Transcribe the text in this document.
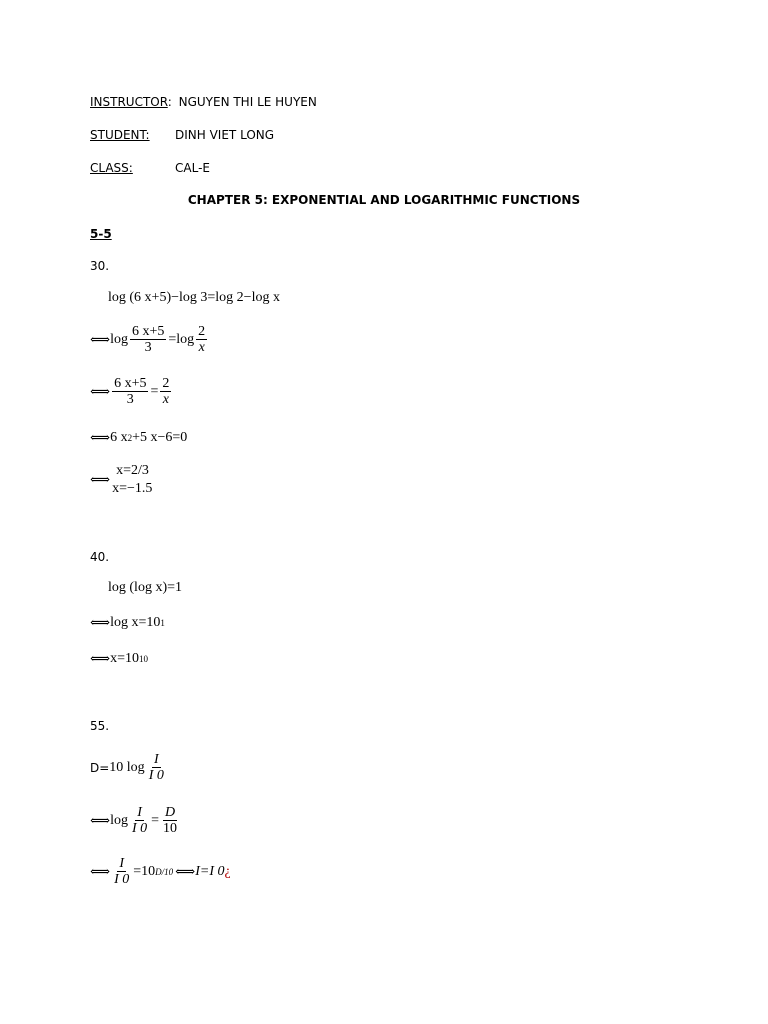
INSTRUCTOR: NGUYEN THI LE HUYEN
STUDENT: DINH VIET LONG
CLASS:	CAL-E
CHAPTER 5: EXPONENTIAL AND LOGARITHMIC FUNCTIONS
5-5
30.
log (6 x+5)−log 3=log 2−log x
⟺ $\log \frac{6 x+5}{3} =\log \frac{2}{x}$
⟺ $\frac{6 x+5}{3} = \frac{2}{x}$
⟺ 6 x 2 +5 x−6=0
⟺
x=2/3
x=−1.5
40.
log (log x)=1
⟺ log x=10 1
⟺ x=10 10
55.
D= 10 $\log \frac{I}{I 0}$
⟺ $\log \frac{I}{I 0} = \frac{D}{10}$
⟺ $\frac{I}{I 0} =10$ D/10 ⟺ I=I 0 ¿
